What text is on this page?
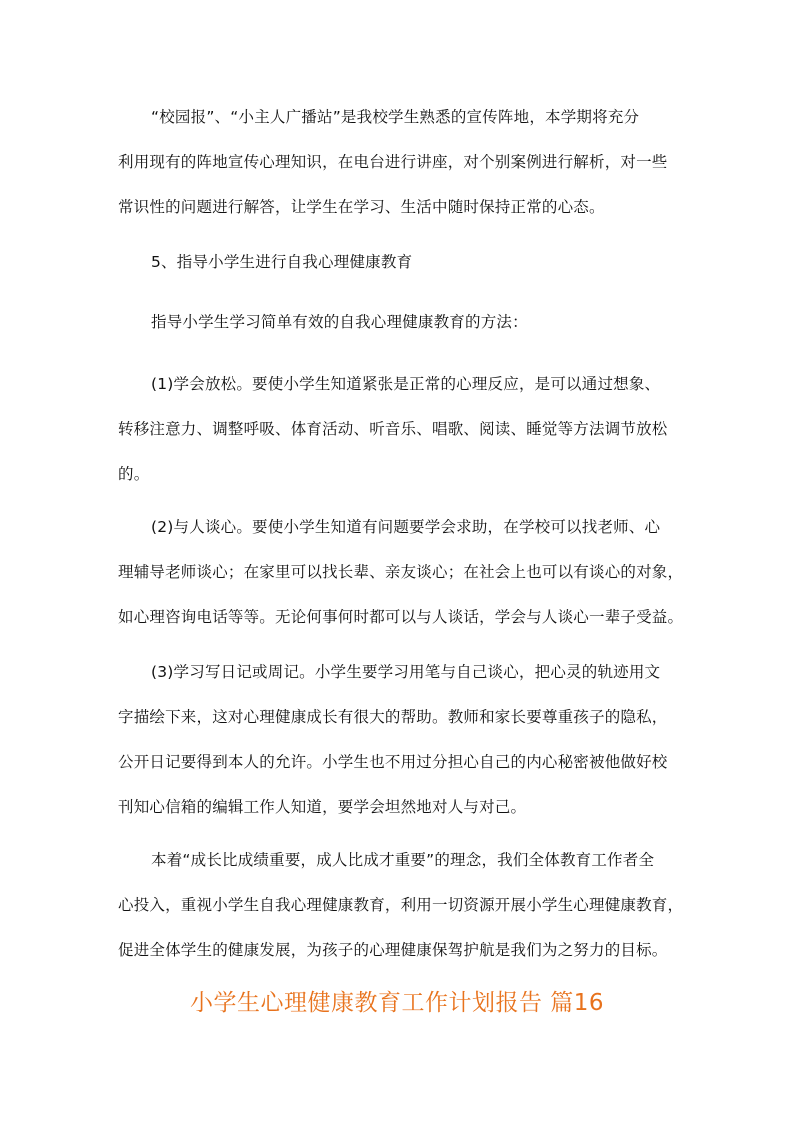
“校园报”、“小主人广播站”是我校学生熟悉的宣传阵地，本学期将充分
利用现有的阵地宣传心理知识，在电台进行讲座，对个别案例进行解析，对一些
常识性的问题进行解答，让学生在学习、生活中随时保持正常的心态。
5、指导小学生进行自我心理健康教育
指导小学生学习简单有效的自我心理健康教育的方法：
(1)学会放松。要使小学生知道紧张是正常的心理反应，是可以通过想象、
转移注意力、调整呼吸、体育活动、听音乐、唱歌、阅读、睡觉等方法调节放松
的。
(2)与人谈心。要使小学生知道有问题要学会求助，在学校可以找老师、心
理辅导老师谈心；在家里可以找长辈、亲友谈心；在社会上也可以有谈心的对象，
如心理咨询电话等等。无论何事何时都可以与人谈话，学会与人谈心一辈子受益。
(3)学习写日记或周记。小学生要学习用笔与自己谈心，把心灵的轨迹用文
字描绘下来，这对心理健康成长有很大的帮助。教师和家长要尊重孩子的隐私，
公开日记要得到本人的允许。小学生也不用过分担心自己的内心秘密被他做好校
刊知心信箱的编辑工作人知道，要学会坦然地对人与对己。
本着“成长比成绩重要，成人比成才重要”的理念，我们全体教育工作者全
心投入，重视小学生自我心理健康教育，利用一切资源开展小学生心理健康教育，
促进全体学生的健康发展，为孩子的心理健康保驾护航是我们为之努力的目标。
小学生心理健康教育工作计划报告 篇16
